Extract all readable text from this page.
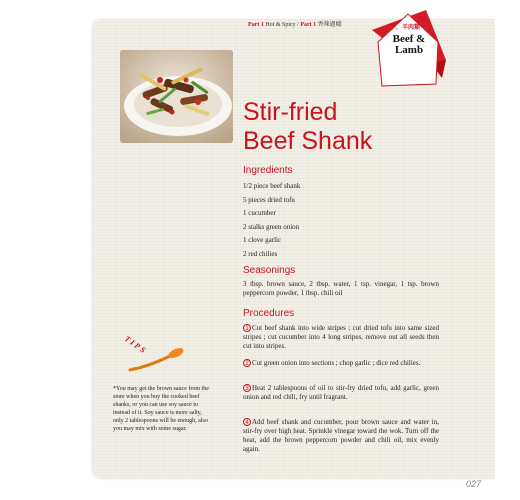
Part 1 Hot & Spicy / Part 1 香辣過癮	牛、羊肉類
Beef &
Lamb
Stir-fried
Beef Shank
Ingredients
1/2 piece beef shank
5 pieces dried tofu
1 cucumber
2 stalks green onion
1 clove garlic
2 red chilies
Seasonings
3 tbsp. brown sauce, 2 tbsp. water, 1 tsp. vinegar, 1 tsp. brown peppercorn powder, 1 tbsp. chili oil
Procedures
1 Cut beef shank into wide stripes ; cut dried tofu into same sized stripes ; cut cucumber into 4 long stripes, remove out all seeds then cut into stripes.
2 Cut green onion into sections ; chop garlic ; dice red chilies.
3 Heat 2 tablespoons of oil to stir-fry dried tofu, add garlic, green onion and red chili, fry until fragrant.
4 Add beef shank and cucumber, pour brown sauce and water in, stir-fry over high heat. Sprinkle vinegar toward the wok. Turn off the heat, add the brown peppercorn powder and chili oil, mix evenly again.
TIPS
*You may get the brown sauce from the store when you buy the cooked beef shanks, or you can use soy sauce to instead of it. Soy sauce is more salty, only 2 tablespoons will be enough, also you may mix with some sugar.
027
